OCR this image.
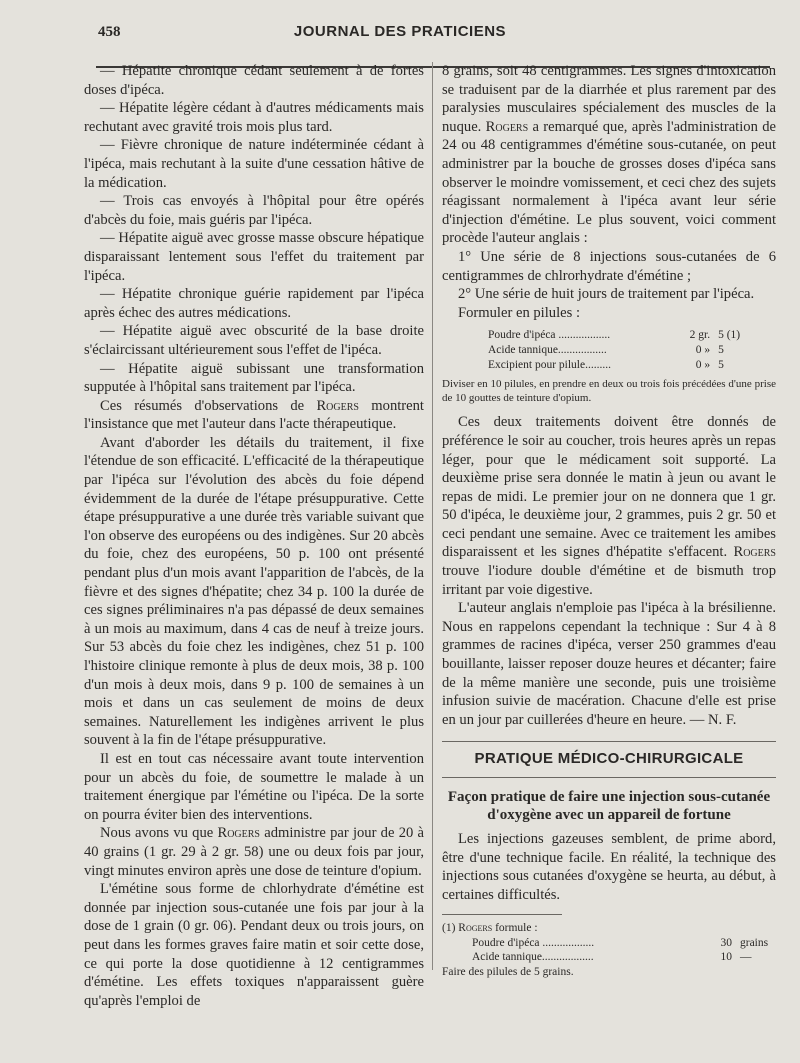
458	JOURNAL DES PRATICIENS

— Hépatite chronique cédant seulement à de fortes doses d'ipéca.

— Hépatite légère cédant à d'autres médicaments mais rechutant avec gravité trois mois plus tard.

— Fièvre chronique de nature indéterminée cédant à l'ipéca, mais rechutant à la suite d'une cessation hâtive de la médication.

— Trois cas envoyés à l'hôpital pour être opérés d'abcès du foie, mais guéris par l'ipéca.

— Hépatite aiguë avec grosse masse obscure hépatique disparaissant lentement sous l'effet du traitement par l'ipéca.

— Hépatite chronique guérie rapidement par l'ipéca après échec des autres médications.

— Hépatite aiguë avec obscurité de la base droite s'éclaircissant ultérieurement sous l'effet de l'ipéca.

— Hépatite aiguë subissant une transformation supputée à l'hôpital sans traitement par l'ipéca.

Ces résumés d'observations de Rogers montrent l'insistance que met l'auteur dans l'acte thérapeutique.

Avant d'aborder les détails du traitement, il fixe l'étendue de son efficacité. L'efficacité de la thérapeutique par l'ipéca sur l'évolution des abcès du foie dépend évidemment de la durée de l'étape présuppurative. Cette étape présuppurative a une durée très variable suivant que l'on observe des européens ou des indigènes. Sur 20 abcès du foie, chez des européens, 50 p. 100 ont présenté pendant plus d'un mois avant l'apparition de l'abcès, de la fièvre et des signes d'hépatite; chez 34 p. 100 la durée de ces signes préliminaires n'a pas dépassé de deux semaines à un mois au maximum, dans 4 cas de neuf à treize jours. Sur 53 abcès du foie chez les indigènes, chez 51 p. 100 l'histoire clinique remonte à plus de deux mois, 38 p. 100 d'un mois à deux mois, dans 9 p. 100 de semaines à un mois et dans un cas seulement de moins de deux semaines. Naturellement les indigènes arrivent le plus souvent à la fin de l'étape présuppurative.

Il est en tout cas nécessaire avant toute intervention pour un abcès du foie, de soumettre le malade à un traitement énergique par l'émétine ou l'ipéca. De la sorte on pourra éviter bien des interventions.

Nous avons vu que Rogers administre par jour de 20 à 40 grains (1 gr. 29 à 2 gr. 58) une ou deux fois par jour, vingt minutes environ après une dose de teinture d'opium.

L'émétine sous forme de chlorhydrate d'émétine est donnée par injection sous-cutanée une fois par jour à la dose de 1 grain (0 gr. 06). Pendant deux ou trois jours, on peut dans les formes graves faire matin et soir cette dose, ce qui porte la dose quotidienne à 12 centigrammes d'émétine. Les effets toxiques n'apparaissent guère qu'après l'emploi de

8 grains, soit 48 centigrammes. Les signes d'intoxication se traduisent par de la diarrhée et plus rarement par des paralysies musculaires spécialement des muscles de la nuque. Rogers a remarqué que, après l'administration de 24 ou 48 centigrammes d'émétine sous-cutanée, on peut administrer par la bouche de grosses doses d'ipéca sans observer le moindre vomissement, et ceci chez des sujets réagissant normalement à l'ipéca avant leur série d'injection d'émétine. Le plus souvent, voici comment procède l'auteur anglais :

1° Une série de 8 injections sous-cutanées de 6 centigrammes de chlrorhydrate d'émétine ;

2° Une série de huit jours de traitement par l'ipéca.

Formuler en pilules :

Poudre d'ipéca ..................	2 gr. 5 (1)
Acide tannique.................	0 » 5
Excipient pour pilule.........	0 » 5

Diviser en 10 pilules, en prendre en deux ou trois fois précédées d'une prise de 10 gouttes de teinture d'opium.

Ces deux traitements doivent être donnés de préférence le soir au coucher, trois heures après un repas léger, pour que le médicament soit supporté. La deuxième prise sera donnée le matin à jeun ou avant le repas de midi. Le premier jour on ne donnera que 1 gr. 50 d'ipéca, le deuxième jour, 2 grammes, puis 2 gr. 50 et ceci pendant une semaine. Avec ce traitement les amibes disparaissent et les signes d'hépatite s'effacent. Rogers trouve l'iodure double d'émétine et de bismuth trop irritant par voie digestive.

L'auteur anglais n'emploie pas l'ipéca à la brésilienne. Nous en rappelons cependant la technique : Sur 4 à 8 grammes de racines d'ipéca, verser 250 grammes d'eau bouillante, laisser reposer douze heures et décanter; faire de la même manière une seconde, puis une troisième infusion suivie de macération. Chacune d'elle est prise en un jour par cuillerées d'heure en heure. — N. F.

PRATIQUE MÉDICO-CHIRURGICALE
Façon pratique de faire une injection sous-cutanée d'oxygène avec un appareil de fortune

Les injections gazeuses semblent, de prime abord, être d'une technique facile. En réalité, la technique des injections sous cutanées d'oxygène se heurta, au début, à certaines difficultés.

(1) Rogers formule :
Poudre d'ipéca ..................	30 grains
Acide tannique..................	10 —
Faire des pilules de 5 grains.
